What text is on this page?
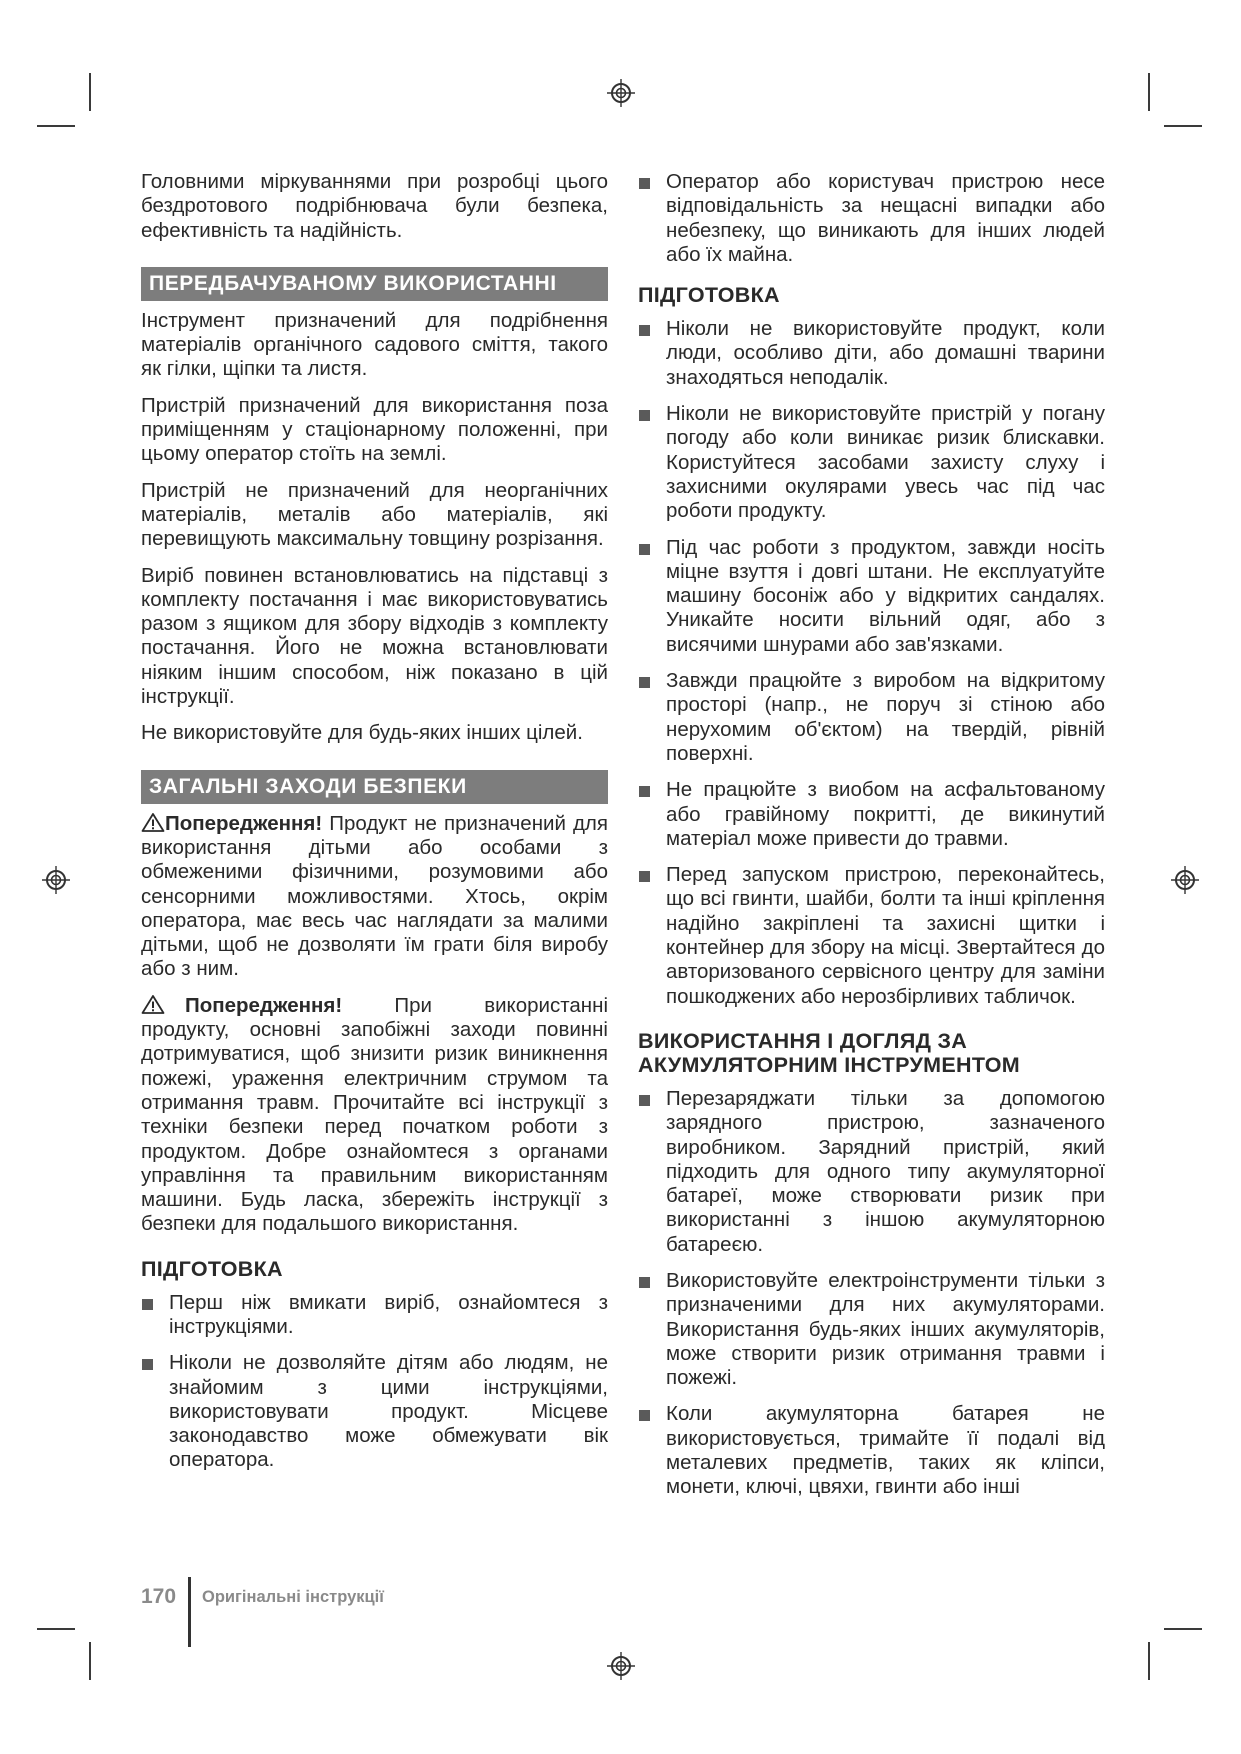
Головними міркуваннями при розробці цього бездротового подрібнювача були безпека, ефективність та надійність.

ПЕРЕДБАЧУВАНОМУ ВИКОРИСТАННІ

Інструмент призначений для подрібнення матеріалів органічного садового сміття, такого як гілки, щіпки та листя.

Пристрій призначений для використання поза приміщенням у стаціонарному положенні, при цьому оператор стоїть на землі.

Пристрій не призначений для неорганічних матеріалів, металів або матеріалів, які перевищують максимальну товщину розрізання.

Виріб повинен встановлюватись на підставці з комплекту постачання і має використовуватись разом з ящиком для збору відходів з комплекту постачання. Його не можна встановлювати ніяким іншим способом, ніж показано в цій інструкції.

Не використовуйте для будь-яких інших цілей.

ЗАГАЛЬНІ ЗАХОДИ БЕЗПЕКИ

Попередження! Продукт не призначений для використання дітьми або особами з обмеженими фізичними, розумовими або сенсорними можливостями. Хтось, окрім оператора, має весь час наглядати за малими дітьми, щоб не дозволяти їм грати біля виробу або з ним.

Попередження! При використанні продукту, основні запобіжні заходи повинні дотримуватися, щоб знизити ризик виникнення пожежі, ураження електричним струмом та отримання травм. Прочитайте всі інструкції з техніки безпеки перед початком роботи з продуктом. Добре ознайомтеся з органами управління та правильним використанням машини. Будь ласка, збережіть інструкції з безпеки для подальшого використання.

ПІДГОТОВКА

Перш ніж вмикати виріб, ознайомтеся з інструкціями.

Ніколи не дозволяйте дітям або людям, не знайомим з цими інструкціями, використовувати продукт. Місцеве законодавство може обмежувати вік оператора.

Оператор або користувач пристрою несе відповідальність за нещасні випадки або небезпеку, що виникають для інших людей або їх майна.

ПІДГОТОВКА

Ніколи не використовуйте продукт, коли люди, особливо діти, або домашні тварини знаходяться неподалік.

Ніколи не використовуйте пристрій у погану погоду або коли виникає ризик блискавки. Користуйтеся засобами захисту слуху і захисними окулярами увесь час під час роботи продукту.

Під час роботи з продуктом, завжди носіть міцне взуття і довгі штани. Не експлуатуйте машину босоніж або у відкритих сандалях. Уникайте носити вільний одяг, або з висячими шнурами або зав'язками.

Завжди працюйте з виробом на відкритому просторі (напр., не поруч зі стіною або нерухомим об'єктом) на твердій, рівній поверхні.

Не працюйте з виобом на асфальтованому або гравійному покритті, де викинутий матеріал може привести до травми.

Перед запуском пристрою, переконайтесь, що всі гвинти, шайби, болти та інші кріплення надійно закріплені та захисні щитки і контейнер для збору на місці. Звертайтеся до авторизованого сервісного центру для заміни пошкоджених або нерозбірливих табличок.

ВИКОРИСТАННЯ І ДОГЛЯД ЗА
АКУМУЛЯТОРНИМ ІНСТРУМЕНТОМ

Перезаряджати тільки за допомогою зарядного пристрою, зазначеного виробником. Зарядний пристрій, який підходить для одного типу акумуляторної батареї, може створювати ризик при використанні з іншою акумуляторною батареєю.

Використовуйте електроінструменти тільки з призначеними для них акумуляторами. Використання будь-яких інших акумуляторів, може створити ризик отримання травми і пожежі.

Коли акумуляторна батарея не використовується, тримайте її подалі від металевих предметів, таких як кліпси, монети, ключі, цвяхи, гвинти або інші

170 Оригінальні інструкції
